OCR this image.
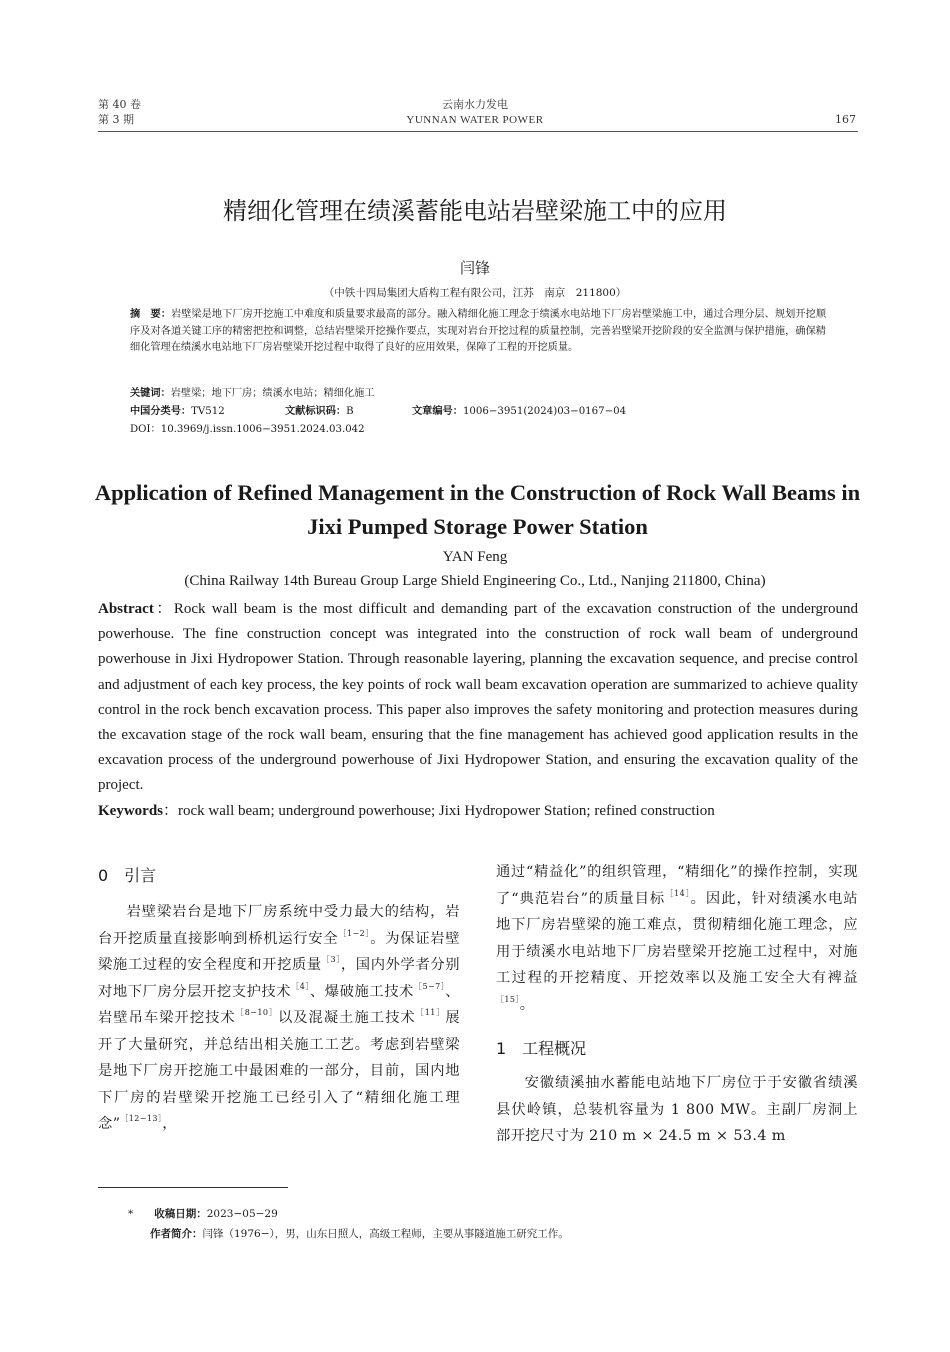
第 40 卷
第 3 期
云南水力发电
YUNNAN WATER POWER	167
精细化管理在绩溪蓄能电站岩壁梁施工中的应用
闫锋
（中铁十四局集团大盾构工程有限公司，江苏　南京　211800）
摘　要：岩壁梁是地下厂房开挖施工中难度和质量要求最高的部分。融入精细化施工理念于绩溪水电站地下厂房岩壁梁施工中，通过合理分层、规划开挖顺序及对各道关键工序的精密把控和调整，总结岩壁梁开挖操作要点，实现对岩台开挖过程的质量控制，完善岩壁梁开挖阶段的安全监测与保护措施，确保精细化管理在绩溪水电站地下厂房岩壁梁开挖过程中取得了良好的应用效果，保障了工程的开挖质量。
关键词：岩壁梁；地下厂房；绩溪水电站；精细化施工
中国分类号：TV512	文献标识码：B	文章编号：1006−3951(2024)03−0167−04
DOI：10.3969/j.issn.1006−3951.2024.03.042
Application of Refined Management in the Construction of Rock Wall Beams in Jixi Pumped Storage Power Station
YAN Feng
(China Railway 14th Bureau Group Large Shield Engineering Co., Ltd., Nanjing 211800, China)
Abstract：Rock wall beam is the most difficult and demanding part of the excavation construction of the underground powerhouse. The fine construction concept was integrated into the construction of rock wall beam of underground powerhouse in Jixi Hydropower Station. Through reasonable layering, planning the excavation sequence, and precise control and adjustment of each key process, the key points of rock wall beam excavation operation are summarized to achieve quality control in the rock bench excavation process. This paper also improves the safety monitoring and protection measures during the excavation stage of the rock wall beam, ensuring that the fine management has achieved good application results in the excavation process of the underground powerhouse of Jixi Hydropower Station, and ensuring the excavation quality of the project.
Keywords：rock wall beam; underground powerhouse; Jixi Hydropower Station; refined construction
0　引言

岩壁梁岩台是地下厂房系统中受力最大的结构，岩台开挖质量直接影响到桥机运行安全$^{[1-2]}$。为保证岩壁梁施工过程的安全程度和开挖质量$^{[3]}$，国内外学者分别对地下厂房分层开挖支护技术$^{[4]}$、爆破施工技术$^{[5-7]}$、岩壁吊车梁开挖技术$^{[8-10]}$以及混凝土施工技术$^{[11]}$展开了大量研究，并总结出相关施工工艺。考虑到岩壁梁是地下厂房开挖施工中最困难的一部分，目前，国内地下厂房的岩壁梁开挖施工已经引入了“精细化施工理念”$^{[12-13]}$，

通过“精益化”的组织管理，“精细化”的操作控制，实现了“典范岩台”的质量目标$^{[14]}$。因此，针对绩溪水电站地下厂房岩壁梁的施工难点，贯彻精细化施工理念，应用于绩溪水电站地下厂房岩壁梁开挖施工过程中，对施工过程的开挖精度、开挖效率以及施工安全大有裨益$^{[15]}$。

1　工程概况

安徽绩溪抽水蓄能电站地下厂房位于于安徽省绩溪县伏岭镇，总装机容量为 1 800 MW。主副厂房洞上部开挖尺寸为 210 m × 24.5 m × 53.4 m

*　　 收稿日期：2023−05−29
作者简介：闫锋（1976−），男，山东日照人，高级工程师，主要从事隧道施工研究工作。
